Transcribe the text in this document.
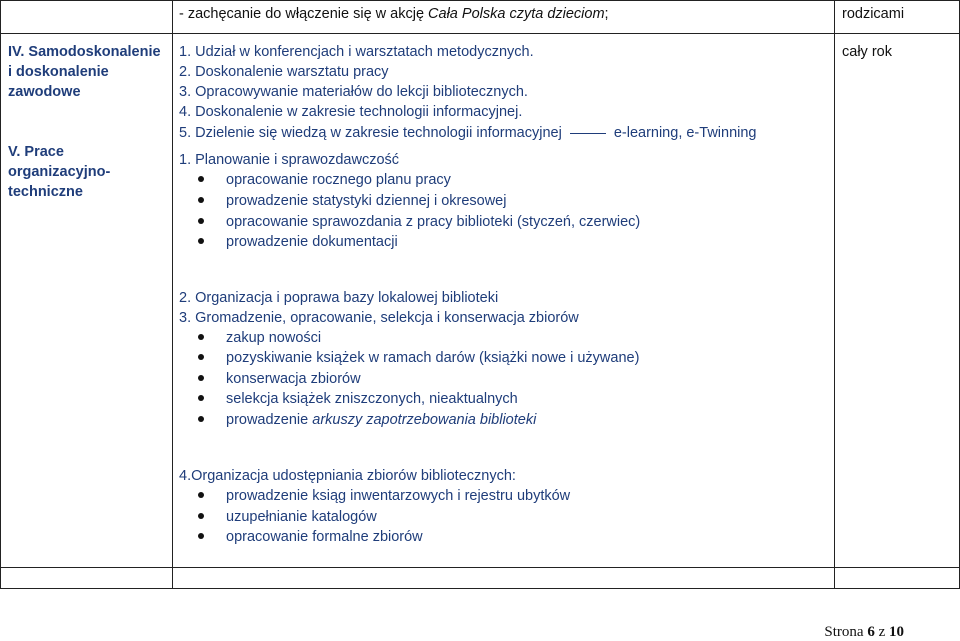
- zachęcanie do włączenie się w akcję Cała Polska czyta dzieciom;	rodzicami
IV. Samodoskonalenie i doskonalenie zawodowe
V. Prace organizacyjno-techniczne
cały rok
1. Udział w konferencjach i warsztatach metodycznych.
2. Doskonalenie warsztatu pracy
3. Opracowywanie materiałów do lekcji bibliotecznych.
4. Doskonalenie w zakresie technologii informacyjnej.
5. Dzielenie się wiedzą w zakresie technologii informacyjnej	e-learning, e-Twinning
1. Planowanie i sprawozdawczość
opracowanie rocznego planu pracy
prowadzenie statystyki dziennej i okresowej
opracowanie sprawozdania z pracy biblioteki (styczeń, czerwiec)
prowadzenie dokumentacji
2. Organizacja i poprawa bazy lokalowej biblioteki
3. Gromadzenie, opracowanie, selekcja i konserwacja zbiorów
zakup nowości
pozyskiwanie książek w ramach darów (książki nowe i używane)
konserwacja zbiorów
selekcja książek zniszczonych, nieaktualnych
prowadzenie arkuszy zapotrzebowania biblioteki
4.Organizacja udostępniania zbiorów bibliotecznych:
prowadzenie ksiąg inwentarzowych i rejestru ubytków
uzupełnianie katalogów
opracowanie formalne zbiorów
Strona 6 z 10
